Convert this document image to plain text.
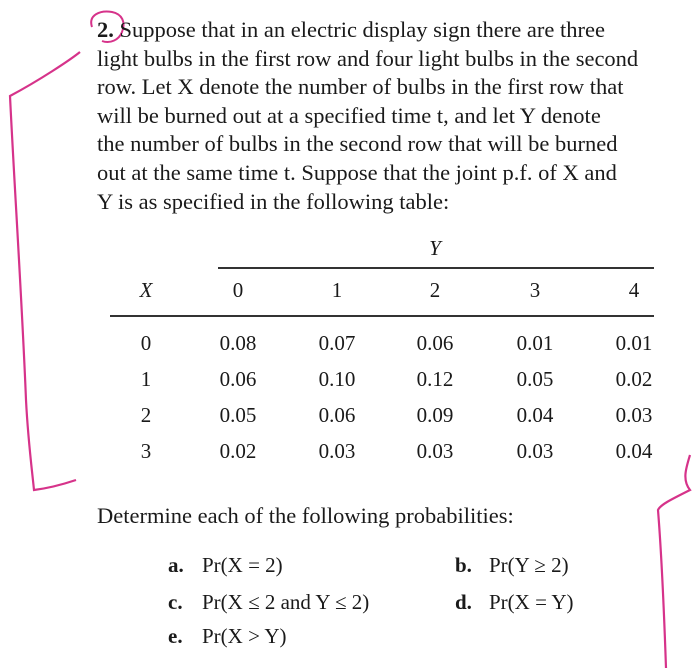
2. Suppose that in an electric display sign there are three
light bulbs in the first row and four light bulbs in the second
row. Let X denote the number of bulbs in the first row that
will be burned out at a specified time t, and let Y denote
the number of bulbs in the second row that will be burned
out at the same time t. Suppose that the joint p.f. of X and
Y is as specified in the following table:
Y
X	0	1	2	3	4
0	0.08	0.07	0.06	0.01	0.01
1	0.06	0.10	0.12	0.05	0.02
2	0.05	0.06	0.09	0.04	0.03
3	0.02	0.03	0.03	0.03	0.04
Determine each of the following probabilities:
a. Pr(X = 2)	b. Pr(Y ≥ 2)
c. Pr(X ≤ 2 and Y ≤ 2)	d. Pr(X = Y)
e. Pr(X > Y)
